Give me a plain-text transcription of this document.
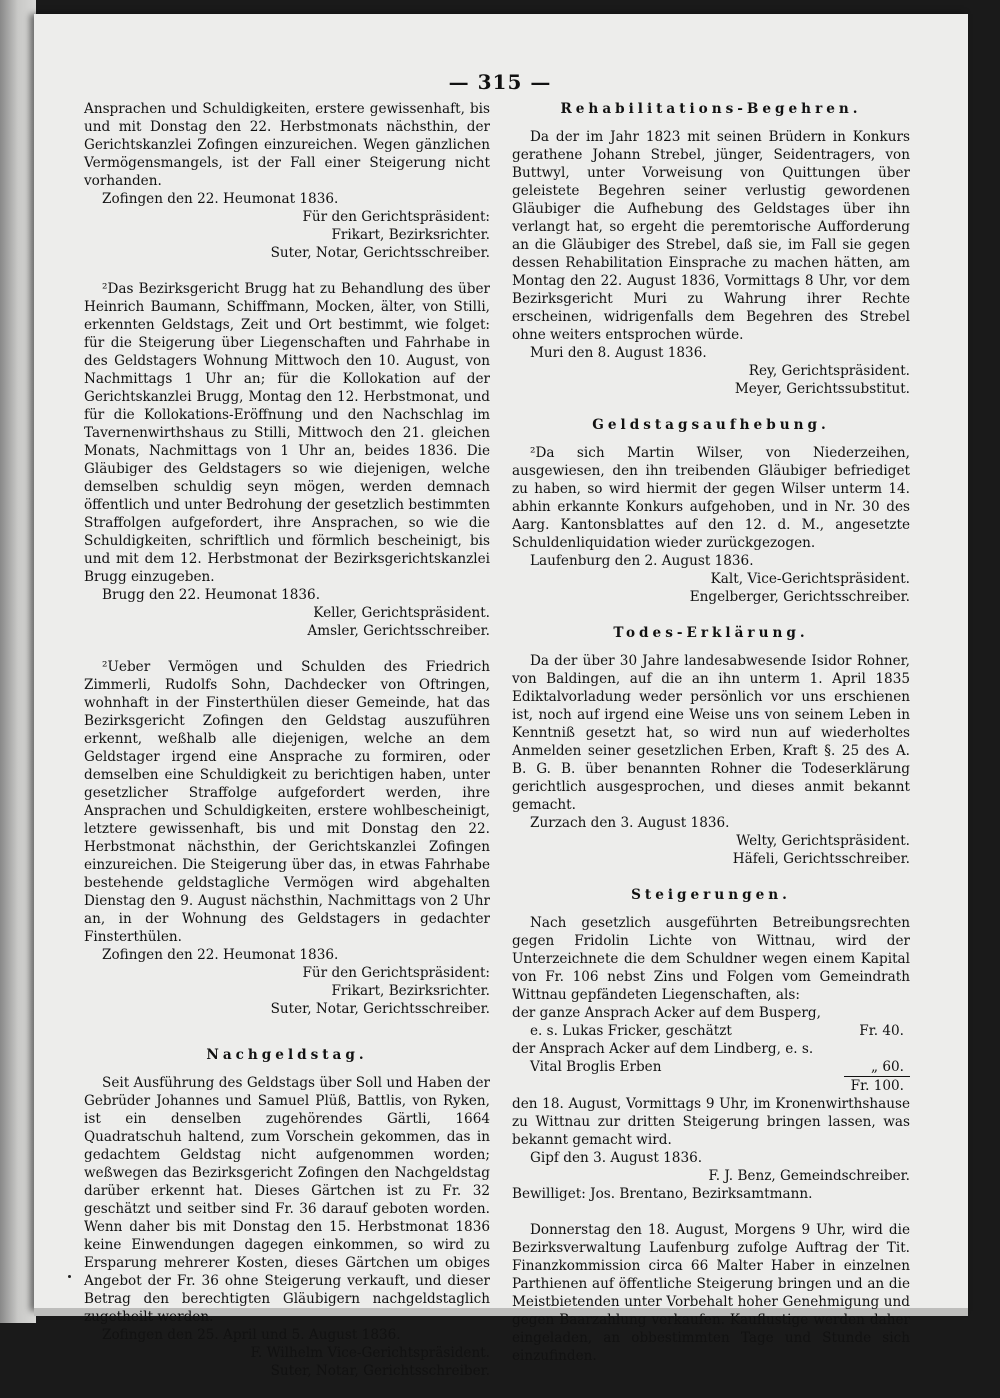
— 315 —

Ansprachen und Schuldigkeiten, erstere gewissenhaft, bis und mit Donstag den 22. Herbstmonats nächsthin, der Gerichtskanzlei Zofingen einzureichen. Wegen gänzlichen Vermögensmangels, ist der Fall einer Steigerung nicht vorhanden.

Zofingen den 22. Heumonat 1836.

Für den Gerichtspräsident:

Frikart, Bezirksrichter.

Suter, Notar, Gerichtsschreiber.

²Das Bezirksgericht Brugg hat zu Behandlung des über Heinrich Baumann, Schiffmann, Mocken, älter, von Stilli, erkennten Geldstags, Zeit und Ort bestimmt, wie folget: für die Steigerung über Liegenschaften und Fahrhabe in des Geldstagers Wohnung Mittwoch den 10. August, von Nachmittags 1 Uhr an; für die Kollokation auf der Gerichtskanzlei Brugg, Montag den 12. Herbstmonat, und für die Kollokations-Eröffnung und den Nachschlag im Tavernenwirthshaus zu Stilli, Mittwoch den 21. gleichen Monats, Nachmittags von 1 Uhr an, beides 1836. Die Gläubiger des Geldstagers so wie diejenigen, welche demselben schuldig seyn mögen, werden demnach öffentlich und unter Bedrohung der gesetzlich bestimmten Straffolgen aufgefordert, ihre Ansprachen, so wie die Schuldigkeiten, schriftlich und förmlich bescheinigt, bis und mit dem 12. Herbstmonat der Bezirksgerichtskanzlei Brugg einzugeben.

Brugg den 22. Heumonat 1836.

Keller, Gerichtspräsident.

Amsler, Gerichtsschreiber.

²Ueber Vermögen und Schulden des Friedrich Zimmerli, Rudolfs Sohn, Dachdecker von Oftringen, wohnhaft in der Finsterthülen dieser Gemeinde, hat das Bezirksgericht Zofingen den Geldstag auszuführen erkennt, weßhalb alle diejenigen, welche an dem Geldstager irgend eine Ansprache zu formiren, oder demselben eine Schuldigkeit zu berichtigen haben, unter gesetzlicher Straffolge aufgefordert werden, ihre Ansprachen und Schuldigkeiten, erstere wohlbescheinigt, letztere gewissenhaft, bis und mit Donstag den 22. Herbstmonat nächsthin, der Gerichtskanzlei Zofingen einzureichen. Die Steigerung über das, in etwas Fahrhabe bestehende geldstagliche Vermögen wird abgehalten Dienstag den 9. August nächsthin, Nachmittags von 2 Uhr an, in der Wohnung des Geldstagers in gedachter Finsterthülen.

Zofingen den 22. Heumonat 1836.

Für den Gerichtspräsident:

Frikart, Bezirksrichter.

Suter, Notar, Gerichtsschreiber.

Nachgeldstag.

Seit Ausführung des Geldstags über Soll und Haben der Gebrüder Johannes und Samuel Plüß, Battlis, von Ryken, ist ein denselben zugehörendes Gärtli, 1664 Quadratschuh haltend, zum Vorschein gekommen, das in gedachtem Geldstag nicht aufgenommen worden; weßwegen das Bezirksgericht Zofingen den Nachgeldstag darüber erkennt hat. Dieses Gärtchen ist zu Fr. 32 geschätzt und seitber sind Fr. 36 darauf geboten worden. Wenn daher bis mit Donstag den 15. Herbstmonat 1836 keine Einwendungen dagegen einkommen, so wird zu Ersparung mehrerer Kosten, dieses Gärtchen um obiges Angebot der Fr. 36 ohne Steigerung verkauft, und dieser Betrag den berechtigten Gläubigern nachgeldstaglich zugetheilt werden.

Zofingen den 25. April und 5. August 1836.

F. Wilhelm Vice-Gerichtspräsident.

Suter, Notar, Gerichtsschreiber.

Rehabilitations-Begehren.

Da der im Jahr 1823 mit seinen Brüdern in Konkurs gerathene Johann Strebel, jünger, Seidentragers, von Buttwyl, unter Vorweisung von Quittungen über geleistete Begehren seiner verlustig gewordenen Gläubiger die Aufhebung des Geldstages über ihn verlangt hat, so ergeht die peremtorische Aufforderung an die Gläubiger des Strebel, daß sie, im Fall sie gegen dessen Rehabilitation Einsprache zu machen hätten, am Montag den 22. August 1836, Vormittags 8 Uhr, vor dem Bezirksgericht Muri zu Wahrung ihrer Rechte erscheinen, widrigenfalls dem Begehren des Strebel ohne weiters entsprochen würde.

Muri den 8. August 1836.

Rey, Gerichtspräsident.

Meyer, Gerichtssubstitut.

Geldstagsaufhebung.

²Da sich Martin Wilser, von Niederzeihen, ausgewiesen, den ihn treibenden Gläubiger befriediget zu haben, so wird hiermit der gegen Wilser unterm 14. abhin erkannte Konkurs aufgehoben, und in Nr. 30 des Aarg. Kantonsblattes auf den 12. d. M., angesetzte Schuldenliquidation wieder zurückgezogen.

Laufenburg den 2. August 1836.

Kalt, Vice-Gerichtspräsident.

Engelberger, Gerichtsschreiber.

Todes-Erklärung.

Da der über 30 Jahre landesabwesende Isidor Rohner, von Baldingen, auf die an ihn unterm 1. April 1835 Ediktalvorladung weder persönlich vor uns erschienen ist, noch auf irgend eine Weise uns von seinem Leben in Kenntniß gesetzt hat, so wird nun auf wiederholtes Anmelden seiner gesetzlichen Erben, Kraft §. 25 des A. B. G. B. über benannten Rohner die Todeserklärung gerichtlich ausgesprochen, und dieses anmit bekannt gemacht.

Zurzach den 3. August 1836.

Welty, Gerichtspräsident.

Häfeli, Gerichtsschreiber.

Steigerungen.

Nach gesetzlich ausgeführten Betreibungsrechten gegen Fridolin Lichte von Wittnau, wird der Unterzeichnete die dem Schuldner wegen einem Kapital von Fr. 106 nebst Zins und Folgen vom Gemeindrath Wittnau gepfändeten Liegenschaften, als:

der ganze Ansprach Acker auf dem Busperg,	
e. s. Lukas Fricker, geschätzt	Fr. 40.
der Ansprach Acker auf dem Lindberg, e. s.	
Vital Broglis Erben	„ 60.
	Fr. 100.

den 18. August, Vormittags 9 Uhr, im Kronenwirthshause zu Wittnau zur dritten Steigerung bringen lassen, was bekannt gemacht wird.

Gipf den 3. August 1836.

F. J. Benz, Gemeindschreiber.

Bewilliget: Jos. Brentano, Bezirksamtmann.

Donnerstag den 18. August, Morgens 9 Uhr, wird die Bezirksverwaltung Laufenburg zufolge Auftrag der Tit. Finanzkommission circa 66 Malter Haber in einzelnen Parthienen auf öffentliche Steigerung bringen und an die Meistbietenden unter Vorbehalt hoher Genehmigung und gegen Baarzahlung verkaufen. Kauflustige werden daher eingeladen, an obbestimmten Tage und Stunde sich einzufinden.
